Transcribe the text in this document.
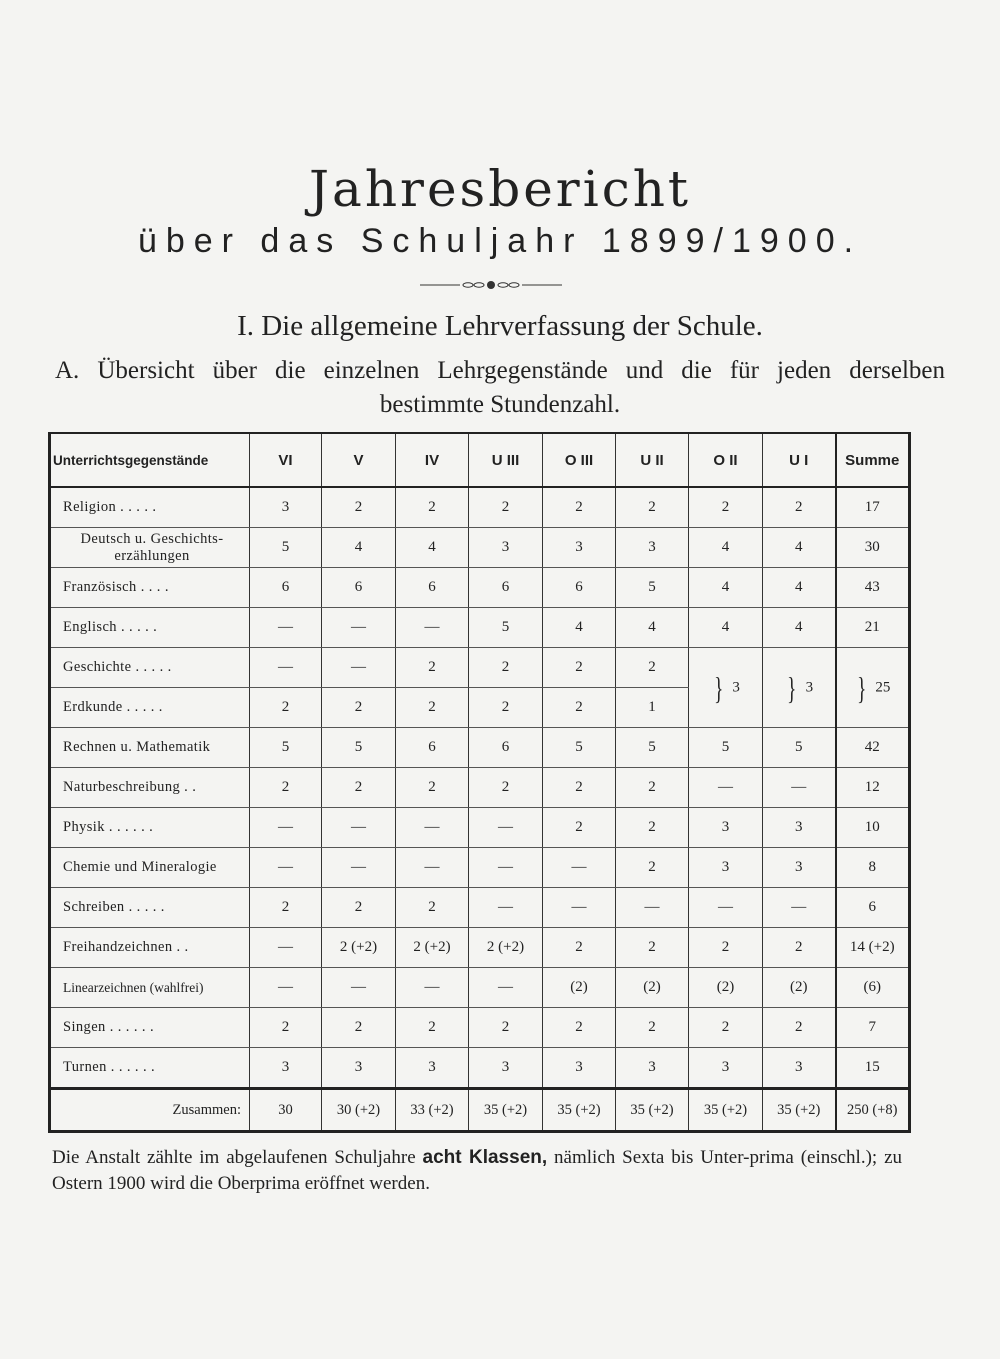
Jahresbericht
über das Schuljahr 1899/1900.
I. Die allgemeine Lehrverfassung der Schule.
A. Übersicht über die einzelnen Lehrgegenstände und die für jeden derselben
bestimmte Stundenzahl.
Unterrichtsgegenstände	VI	V	IV	U III	O III	U II	O II	U I	Summe
Religion . . . . .	3	2	2	2	2	2	2	2	17
Deutsch u. Geschichts-erzählungen	5	4	4	3	3	3	4	4	30
Französisch . . . .	6	6	6	6	6	5	4	4	43
Englisch . . . . .	—	—	—	5	4	4	4	4	21
Geschichte . . . . .	—	—	2	2	2	2	} 3	} 3	} 25
Erdkunde . . . . .	2	2	2	2	2	1			
Rechnen u. Mathematik	5	5	6	6	5	5	5	5	42
Naturbeschreibung . .	2	2	2	2	2	2	—	—	12
Physik . . . . . .	—	—	—	—	2	2	3	3	10
Chemie und Mineralogie	—	—	—	—	—	2	3	3	8
Schreiben . . . . .	2	2	2	—	—	—	—	—	6
Freihandzeichnen . .	—	2 (+2)	2 (+2)	2 (+2)	2	2	2	2	14 (+2)
Linearzeichnen (wahlfrei)	—	—	—	—	(2)	(2)	(2)	(2)	(6)
Singen . . . . . .	2	2	2	2	2	2	2	2	7
Turnen . . . . . .	3	3	3	3	3	3	3	3	15
Zusammen:	30	30 (+2)	33 (+2)	35 (+2)	35 (+2)	35 (+2)	35 (+2)	35 (+2)	250 (+8)
Die Anstalt zählte im abgelaufenen Schuljahre acht Klassen, nämlich Sexta bis Unter-prima (einschl.); zu Ostern 1900 wird die Oberprima eröffnet werden.
